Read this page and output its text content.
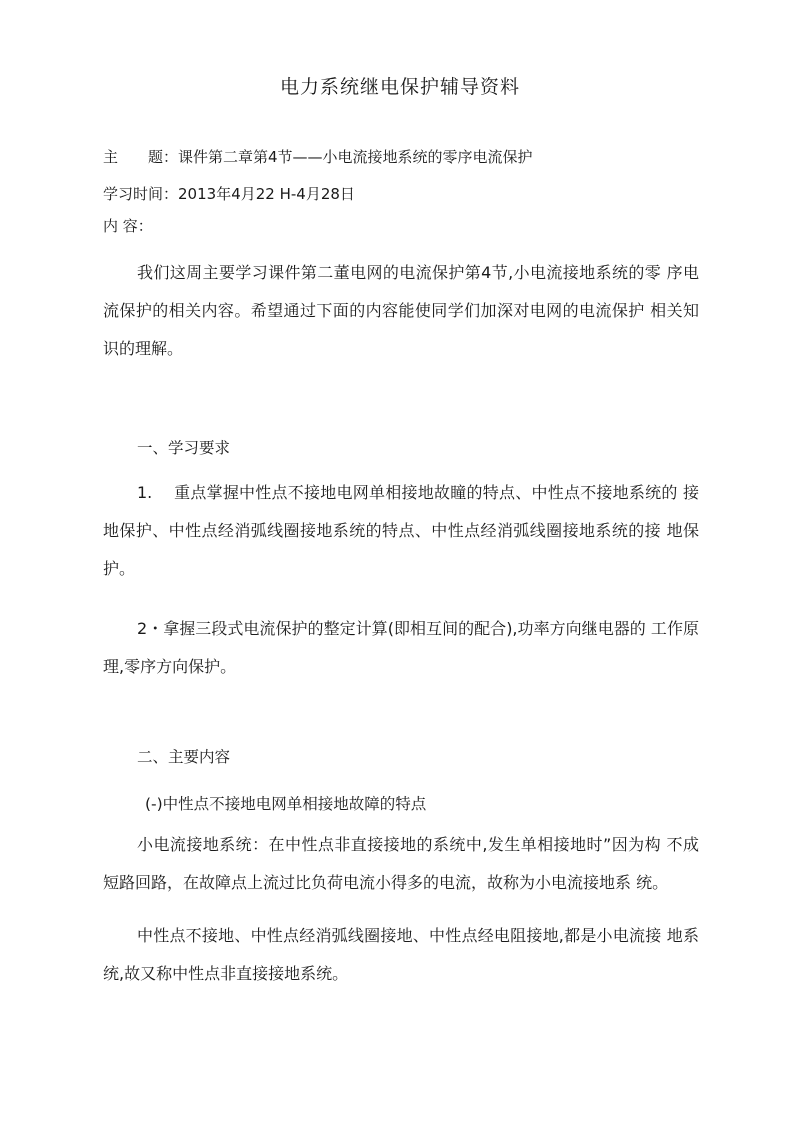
电力系统继电保护辅导资料
主　　题：课件第二章第4节——小电流接地系统的零序电流保护
学习时间：2013年4月22 H-4月28日
内 容：

我们这周主要学习课件第二董电网的电流保护第4节,小电流接地系统的零 序电流保护的相关内容。希望通过下面的内容能使同学们加深对电网的电流保护 相关知识的理解。

一、学习要求

1.　 重点掌握中性点不接地电网单相接地故瞳的特点、中性点不接地系统的 接地保护、中性点经消弧线圈接地系统的特点、中性点经消弧线圈接地系统的接 地保护。

2・拿握三段式电流保护的整定计算(即相互间的配合),功率方向继电器的 工作原理,零序方向保护。

二、主要内容
(-)中性点不接地电网单相接地故障的特点

小电流接地系统：在中性点非直接接地的系统中,发生单相接地时”因为构 不成短路回路，在故障点上流过比负荷电流小得多的电流，故称为小电流接地系 统。

中性点不接地、中性点经消弧线圈接地、中性点经电阻接地,都是小电流接 地系统,故又称中性点非直接接地系统。
